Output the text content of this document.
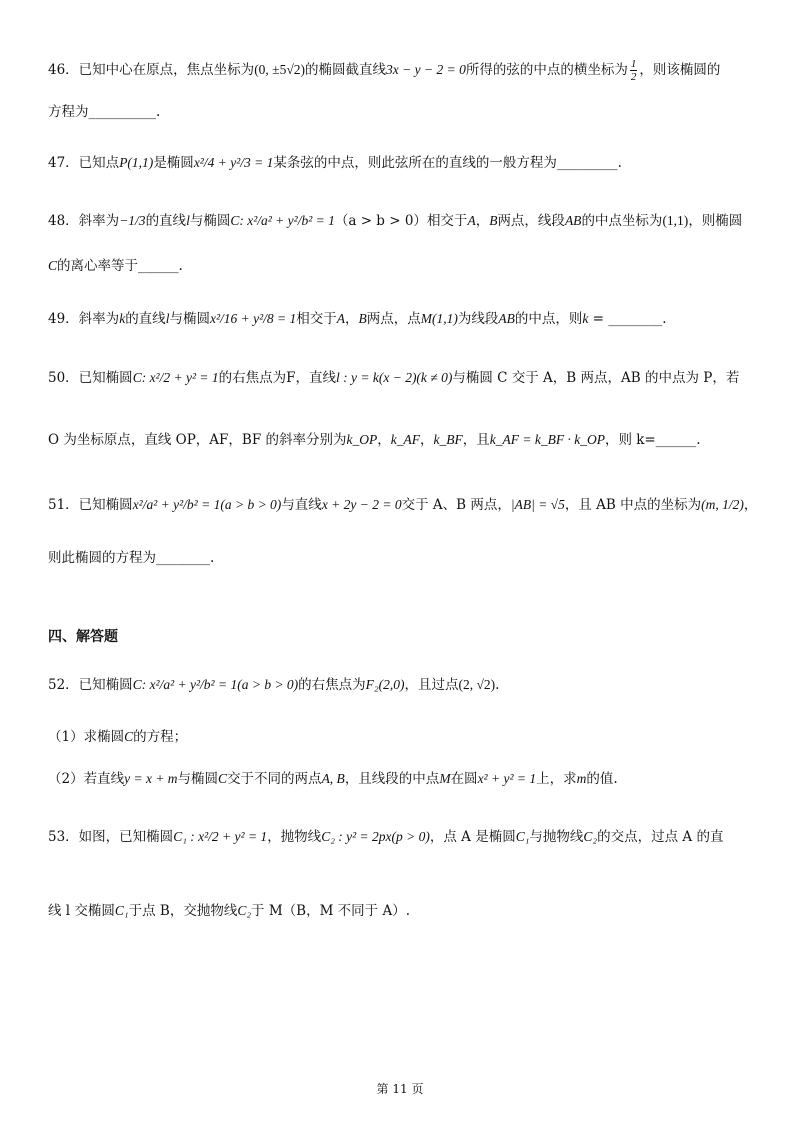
46．已知中心在原点，焦点坐标为(0, ±5√2)的椭圆截直线3x − y − 2 = 0所得的弦的中点的横坐标为 $\frac{1}{2}$ ，则该椭圆的
方程为__________.
47．已知点P(1,1)是椭圆x²/4 + y²/3 = 1某条弦的中点，则此弦所在的直线的一般方程为_________.
48．斜率为−1/3的直线l与椭圆C: x²/a² + y²/b² = 1（a > b > 0）相交于A，B两点，线段AB的中点坐标为(1,1)，则椭圆
C的离心率等于______.
49．斜率为k的直线l与椭圆x²/16 + y²/8 = 1相交于A，B两点，点M(1,1)为线段AB的中点，则k = ________.
50．已知椭圆C: x²/2 + y² = 1的右焦点为F，直线l : y = k(x − 2)(k ≠ 0)与椭圆 C 交于 A，B 两点，AB 的中点为 P，若
O 为坐标原点，直线 OP，AF，BF 的斜率分别为k_OP，k_AF，k_BF，且k_AF = k_BF · k_OP，则 k=______.
51．已知椭圆x²/a² + y²/b² = 1(a > b > 0)与直线x + 2y − 2 = 0交于 A、B 两点，|AB| = √5，且 AB 中点的坐标为(m, 1/2)，
则此椭圆的方程为________.
四、解答题
52．已知椭圆C: x²/a² + y²/b² = 1(a > b > 0)的右焦点为F₂(2,0)，且过点(2, √2).
（1）求椭圆C的方程；
（2）若直线y = x + m与椭圆C交于不同的两点A, B，且线段的中点M在圆x² + y² = 1上，求m的值.
53．如图，已知椭圆C₁ : x²/2 + y² = 1，抛物线C₂ : y² = 2px(p > 0)，点 A 是椭圆C₁与抛物线C₂的交点，过点 A 的直
线 l 交椭圆C₁于点 B，交抛物线C₂于 M（B，M 不同于 A）.
第 11 页
